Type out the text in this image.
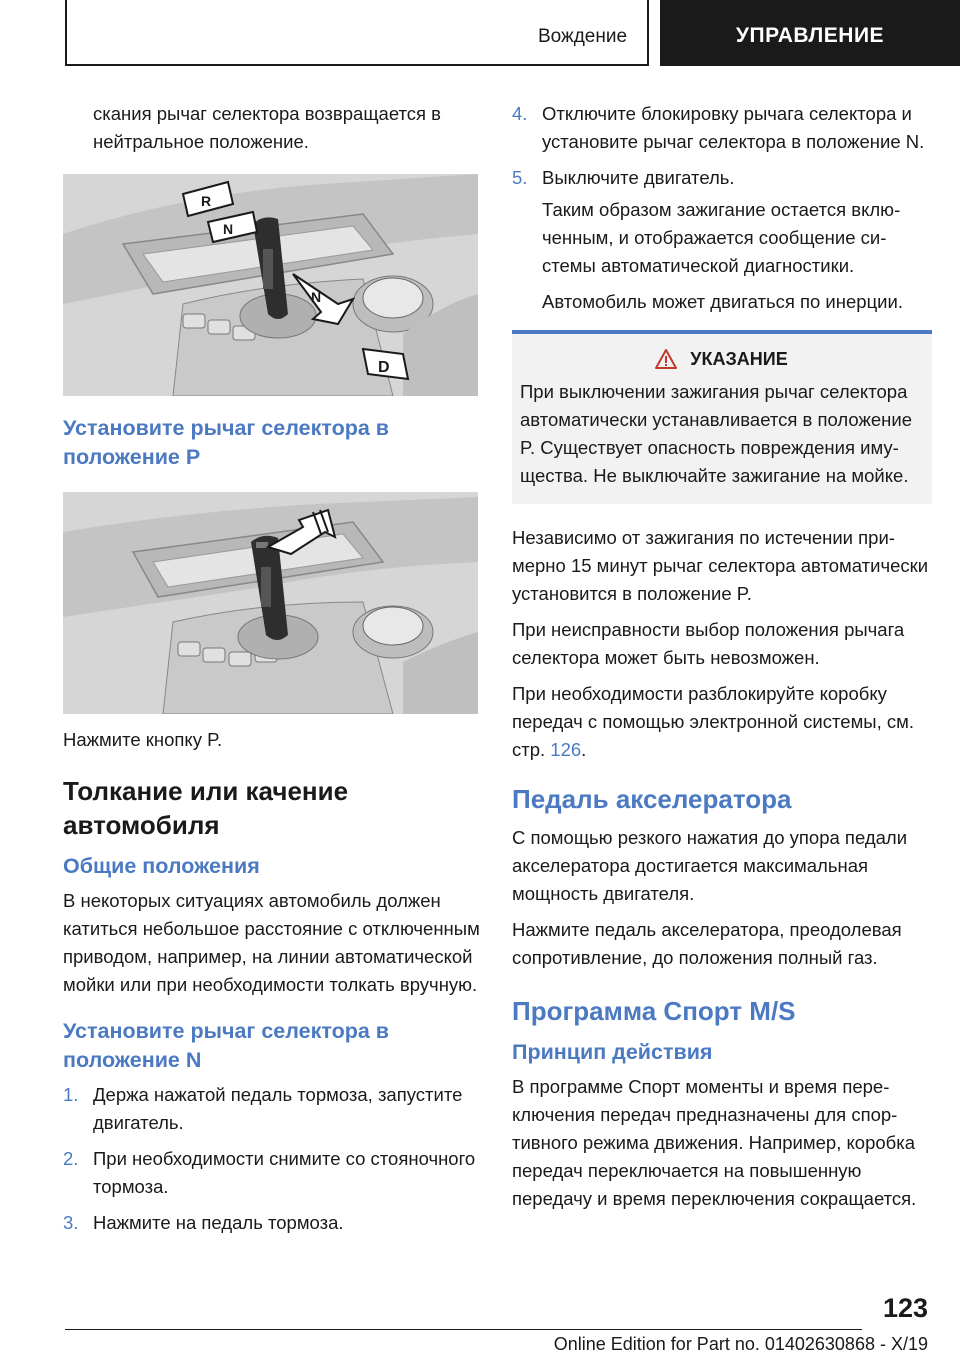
Вождение	УПРАВЛЕНИЕ

скания рычаг селектора возвращается в нейтральное положение.

R
N
N
D
Установите рычаг селектора в положение P

Нажмите кнопку P.

Толкание или качение автомобиля
Общие положения

В некоторых ситуациях автомобиль должен катиться небольшое расстояние с отключенным приводом, например, на линии автоматической мойки или при необходимости толкать вручную.

Установите рычаг селектора в положение N
1. Держа нажатой педаль тормоза, запустите двигатель.
2. При необходимости снимите со стояночного тормоза.
3. Нажмите на педаль тормоза.
4. Отключите блокировку рычага селектора и установите рычаг селектора в положение N.
5. Выключите двигатель.

Таким образом зажигание остается включенным, и отображается сообщение системы автоматической диагностики.

Автомобиль может двигаться по инерции.

УКАЗАНИЕ

При выключении зажигания рычаг селектора автоматически устанавливается в положение P. Существует опасность повреждения имущества. Не выключайте зажигание на мойке.

Независимо от зажигания по истечении примерно 15 минут рычаг селектора автоматически установится в положение P.

При неисправности выбор положения рычага селектора может быть невозможен.

При необходимости разблокируйте коробку передач с помощью электронной системы, см. стр. 126.

Педаль акселератора

С помощью резкого нажатия до упора педали акселератора достигается максимальная мощность двигателя.

Нажмите педаль акселератора, преодолевая сопротивление, до положения полный газ.

Программа Спорт M/S
Принцип действия

В программе Спорт моменты и время переключения передач предназначены для спортивного режима движения. Например, коробка передач переключается на повышенную передачу и время переключения сокращается.

123
Online Edition for Part no. 01402630868 - X/19
